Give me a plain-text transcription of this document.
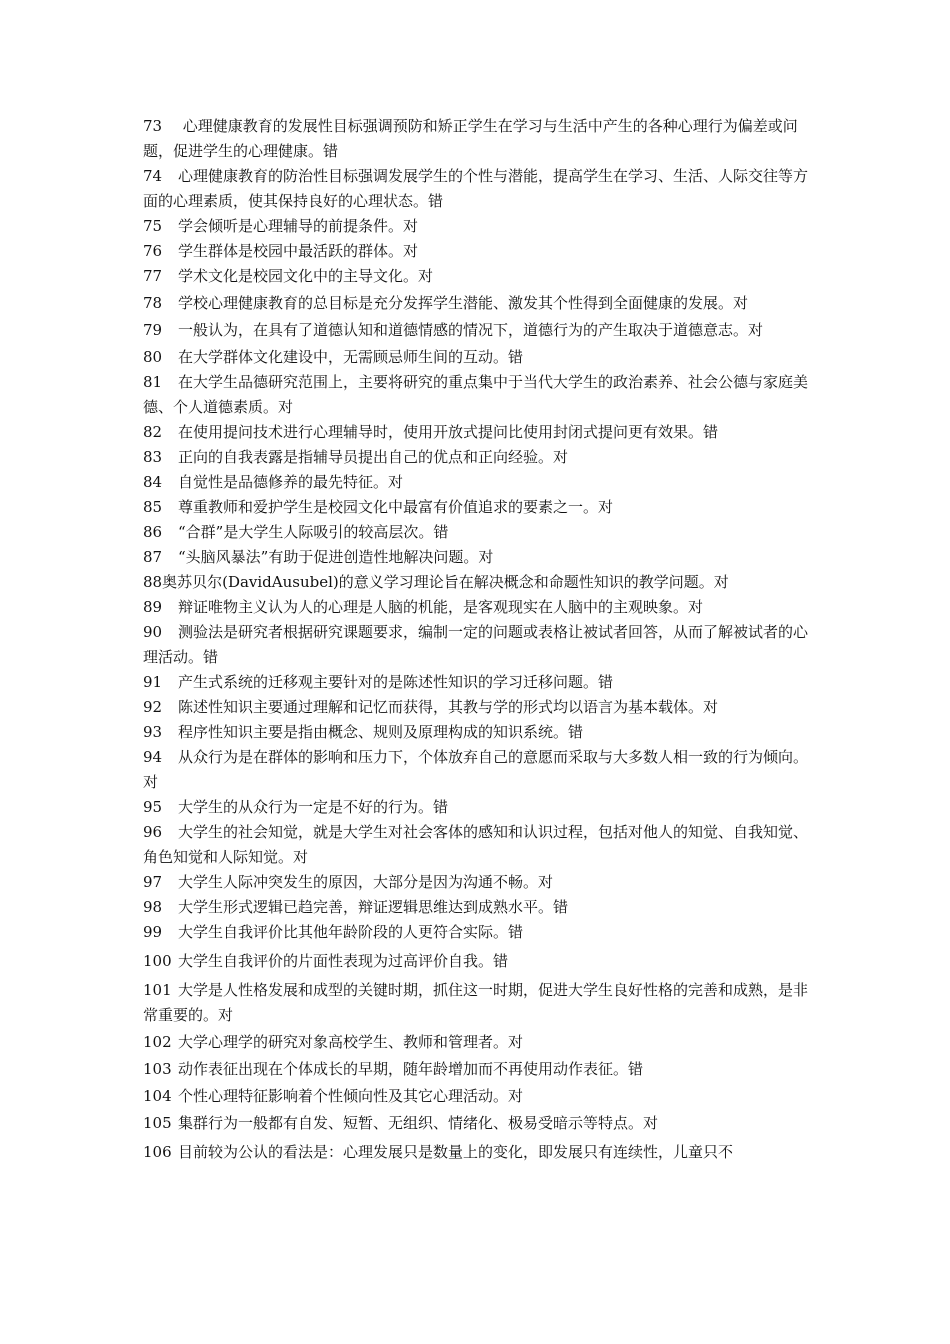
73 心理健康教育的发展性目标强调预防和矫正学生在学习与生活中产生的各种心理行为偏差或问题，促进学生的心理健康。错

74 心理健康教育的防治性目标强调发展学生的个性与潜能，提高学生在学习、生活、人际交往等方面的心理素质，使其保持良好的心理状态。错

75 学会倾听是心理辅导的前提条件。对

76 学生群体是校园中最活跃的群体。对

77 学术文化是校园文化中的主导文化。对

78 学校心理健康教育的总目标是充分发挥学生潜能、激发其个性得到全面健康的发展。对

79 一般认为，在具有了道德认知和道德情感的情况下，道德行为的产生取决于道德意志。对

80 在大学群体文化建设中，无需顾忌师生间的互动。错

81 在大学生品德研究范围上，主要将研究的重点集中于当代大学生的政治素养、社会公德与家庭美德、个人道德素质。对

82 在使用提问技术进行心理辅导时，使用开放式提问比使用封闭式提问更有效果。错

83 正向的自我表露是指辅导员提出自己的优点和正向经验。对

84 自觉性是品德修养的最先特征。对

85 尊重教师和爱护学生是校园文化中最富有价值追求的要素之一。对

86 “合群”是大学生人际吸引的较高层次。错

87 “头脑风暴法”有助于促进创造性地解决问题。对

88奥苏贝尔(DavidAusubel)的意义学习理论旨在解决概念和命题性知识的教学问题。对

89 辩证唯物主义认为人的心理是人脑的机能，是客观现实在人脑中的主观映象。对

90 测验法是研究者根据研究课题要求，编制一定的问题或表格让被试者回答，从而了解被试者的心理活动。错

91 产生式系统的迁移观主要针对的是陈述性知识的学习迁移问题。错

92 陈述性知识主要通过理解和记忆而获得，其教与学的形式均以语言为基本载体。对

93 程序性知识主要是指由概念、规则及原理构成的知识系统。错

94 从众行为是在群体的影响和压力下，个体放弃自己的意愿而采取与大多数人相一致的行为倾向。对

95 大学生的从众行为一定是不好的行为。错

96 大学生的社会知觉，就是大学生对社会客体的感知和认识过程，包括对他人的知觉、自我知觉、角色知觉和人际知觉。对

97 大学生人际冲突发生的原因，大部分是因为沟通不畅。对

98 大学生形式逻辑已趋完善，辩证逻辑思维达到成熟水平。错

99 大学生自我评价比其他年龄阶段的人更符合实际。错

100 大学生自我评价的片面性表现为过高评价自我。错

101 大学是人性格发展和成型的关键时期，抓住这一时期，促进大学生良好性格的完善和成熟，是非常重要的。对

102 大学心理学的研究对象高校学生、教师和管理者。对

103 动作表征出现在个体成长的早期，随年龄增加而不再使用动作表征。错

104 个性心理特征影响着个性倾向性及其它心理活动。对

105 集群行为一般都有自发、短暂、无组织、情绪化、极易受暗示等特点。对

106 目前较为公认的看法是：心理发展只是数量上的变化，即发展只有连续性，儿童只不
